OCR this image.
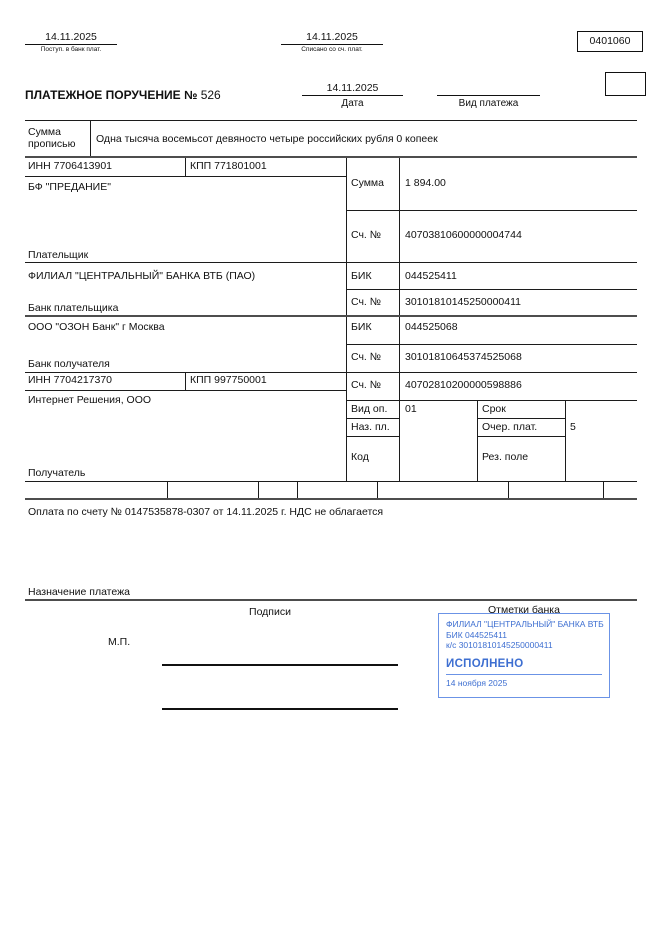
14.11.2025
Поступ. в банк плат.
14.11.2025
Списано со сч. плат.
0401060
ПЛАТЕЖНОЕ ПОРУЧЕНИЕ № 526	14.11.2025
Дата
	Вид платежа
Сумма прописью	Одна тысяча восемьсот девяносто четыре российских рубля 0 копеек
ИНН 7706413901	КПП 771801001
БФ "ПРЕДАНИЕ"
Плательщик
Сумма 1 894.00
Сч. № 40703810600000004744
ФИЛИАЛ "ЦЕНТРАЛЬНЫЙ" БАНКА ВТБ (ПАО)
Банк плательщика
БИК	044525411
Сч. № 30101810145250000411
ООО "ОЗОН Банк" г Москва
Банк получателя
БИК	044525068
Сч. № 30101810645374525068
ИНН 7704217370	КПП 997750001
Интернет Решения, ООО
Получатель
Сч. № 40702810200000598886
Вид оп. 01	Срок
Наз. пл.	Очер. плат.	5
Код	Рез. поле
Оплата по счету № 0147535878-0307 от 14.11.2025 г. НДС не облагается
Назначение платежа
Подписи	Отметки банка
М.П.
ФИЛИАЛ "ЦЕНТРАЛЬНЫЙ" БАНКА ВТБ
БИК 044525411
к/с 30101810145250000411
ИСПОЛНЕНО
14 ноября 2025
